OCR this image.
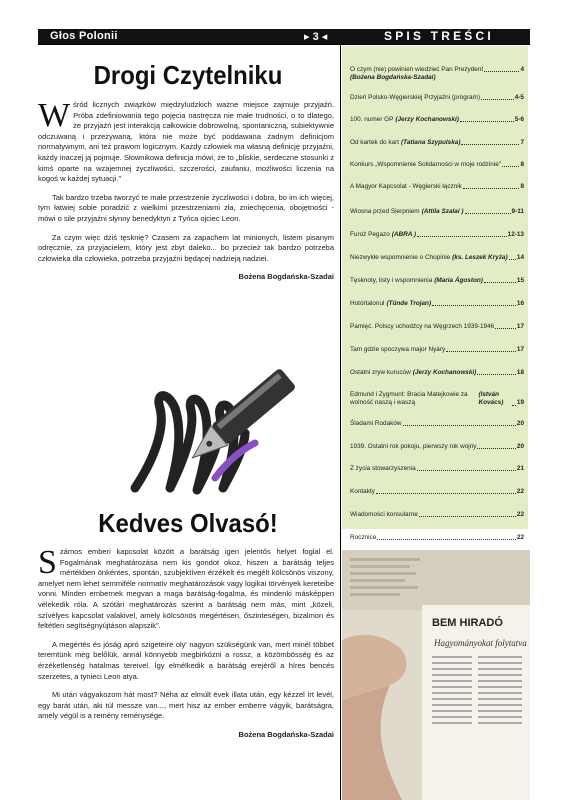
Głos Polonii	▸ 3 ◂	SPIS TREŚCI
Drogi Czytelniku

Wśród licznych związków międzyludzkich ważne miejsce zajmuje przyjaźń. Próba zdefiniowania tego pojęcia nastręcza nie małe trudności, o to dlatego, że przyjaźń jest interakcją całkowicie dobrowolną, spontaniczną, subiektywnie odczuwaną i przeżywaną, która nie może być poddawana żadnym definicjom normatywnym, ani też prawom logicznym. Każdy człowiek ma własną definicję przyjaźni, każdy inaczej ją pojmuje. Słownikowa definicja mówi, że to „bliskie, serdeczne stosunki z kimś oparte na wzajemnej życzliwości, szczerości, zaufaniu, możliwości liczenia na kogoś w każdej sytuacji."

Tak bardzo trzeba tworzyć te małe przestrzenie życzliwości i dobra, bo im ich więcej, tym łatwiej sobie poradzić z wielkimi przestrzeniami zła, zniechęcenia, obojętności - mówi o sile przyjaźni słynny benedyktyn z Tyńca ojciec Leon.

Za czym więc dziś tęsknię? Czasem za zapachem lat minionych, listem pisanym odręcznie, za przyjacielem, który jest zbyt daleko... bo przecież tak bardzo potrzeba człowieka dla człowieka, potrzeba przyjaźni będącej nadzieją nadziei.

Bożena Bogdańska-Szadai
Kedves Olvasó!

Számos emberi kapcsolat között a barátság igen jelentős helyet foglal el. Fogalmának meghatározása nem kis gondot okoz, hiszen a barátság teljes mértékben önkéntes, spontán, szubjektíven érzékelt és megélt kölcsönös viszony, amelyet nem lehet semmiféle normatív meghatározások vagy logikai törvények kereteibe vonni. Minden embernek megvan a maga barátság-fogalma, és mindenki másképpen vélekedik róla. A szótári meghatározás szerint a barátság nem más, mint „közeli, szívélyes kapcsolat valakivel, amely kölcsönös megértésen, őszinteségen, bizalmon és feltétlen segítségnyújtáson alapszik".

A megértés és jóság apró szigeteire oly' nagyon szükségünk van, mert minél többet teremtünk meg belőlük, annál könnyebb megbirkózni a rossz, a közömbösség és az érzéketlenség hatalmas tereivel. Így elmélkedik a barátság erejéről a híres bencés szerzetes, a tynieci Leon atya.

Mi után vágyakozom hát most? Néha az elmúlt évek illata után, egy kézzel írt levél, egy barát után, aki túl messze van..., mert hisz az ember emberre vágyik, barátságra, amely végül is a remény reménysége.

Bożena Bogdańska-Szadai
O czym (nie) powinien wiedzieć Pan Prezydent	4
(Bożena Bogdańska-Szadai)
Dzień Polsko-Węgierskiej Przyjaźni (program)	4-5
100. numer GP (Jerzy Kochanowski)	5-6
Od kartek do kart (Tatiana Szypulska)	7
Konkurs „Wspomnienie Solidarności w moje rodzinie"	8
A Magyor Kapcsolat - Węgierski łącznik	8
Wiosna przed Sierpniem (Attila Szalai )	9-11
Furoż Pegazo (ABRA )	12-13
Niezwykłe wspomnienie o Chopinie (ks. Leszek Kryża) 14
Tęsknoty, listy i wspomnienia (Maria Ágoston)	15
Hotórtalonul (Tünde Trojan)	16
Pamięć. Polscy uchodźcy na Węgrzech 1939-1946	17
Tam gdzie spoczywa major Nyáry	17
Ostatni zryw kuruców (Jerzy Kochanowski)	18
Edmund i Zygmunt: Bracia Matejkowie za wolność naszą i waszą
(István Kovács)	19
Śladami Rodaków	20
1939. Ostatni rok pokoju, pierwszy rok wojny	20
Z życia stowarzyszenia	21
Kontakty	22
Wiadomości konsularne	22
Rocznice	22
BEM HIRADÓ
Hagyományokat folytatva
